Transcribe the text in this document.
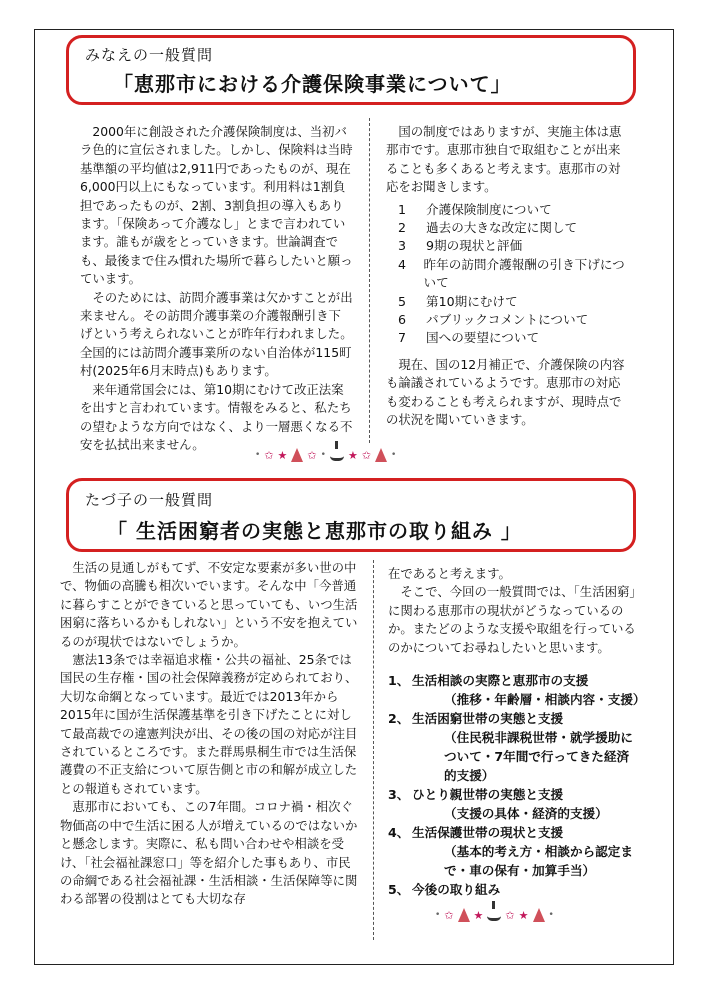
みなえの一般質問
「恵那市における介護保険事業について」

2000年に創設された介護保険制度は、当初バラ色的に宣伝されました。しかし、保険料は当時基準額の平均値は2,911円であったものが、現在6,000円以上にもなっています。利用料は1割負担であったものが、2割、3割負担の導入もあります。「保険あって介護なし」とまで言われています。誰もが歳をとっていきます。世論調査でも、最後まで住み慣れた場所で暮らしたいと願っています。

そのためには、訪問介護事業は欠かすことが出来ません。その訪問介護事業の介護報酬引き下げという考えられないことが昨年行われました。全国的には訪問介護事業所のない自治体が115町村(2025年6月末時点)もあります。

来年通常国会には、第10期にむけて改正法案を出すと言われています。情報をみると、私たちの望むような方向ではなく、より一層悪くなる不安を払拭出来ません。

国の制度ではありますが、実施主体は恵那市です。恵那市独自で取組むことが出来ることも多くあると考えます。恵那市の対応をお聞きします。

1	介護保険制度について
2	過去の大きな改定に関して
3	9期の現状と評価
4	昨年の訪問介護報酬の引き下げについて
5	第10期にむけて
6	パブリックコメントについて
7	国への要望について

現在、国の12月補正で、介護保険の内容も論議されているようです。恵那市の対応も変わることも考えられますが、現時点での状況を聞いていきます。

• ✩ ★ ✩ • ★ ✩ •
たづ子の一般質問
「 生活困窮者の実態と恵那市の取り組み 」

生活の見通しがもてず、不安定な要素が多い世の中で、物価の高騰も相次いでいます。そんな中「今普通に暮らすことができていると思っていても、いつ生活困窮に落ちいるかもしれない」という不安を抱えているのが現状ではないでしょうか。

憲法13条では幸福追求権・公共の福祉、25条では国民の生存権・国の社会保障義務が定められており、大切な命綱となっています。最近では2013年から2015年に国が生活保護基準を引き下げたことに対して最高裁での違憲判決が出、その後の国の対応が注目されているところです。また群馬県桐生市では生活保護費の不正支給について原告側と市の和解が成立したとの報道もされています。

恵那市においても、この7年間。コロナ禍・相次ぐ物価高の中で生活に困る人が増えているのではないかと懸念します。実際に、私も問い合わせや相談を受け、「社会福祉課窓口」等を紹介した事もあり、市民の命綱である社会福祉課・生活相談・生活保障等に関わる部署の役割はとても大切な存

在であると考えます。

そこで、今回の一般質問では、「生活困窮」に関わる恵那市の現状がどうなっているのか。またどのような支援や取組を行っているのかについてお尋ねしたいと思います。

1、 生活相談の実際と恵那市の支援
（推移・年齢層・相談内容・支援）
2、 生活困窮世帯の実態と支援
（住民税非課税世帯・就学援助について・7年間で行ってきた経済的支援）
3、 ひとり親世帯の実態と支援
（支援の具体・経済的支援）
4、 生活保護世帯の現状と支援
（基本的考え方・相談から認定まで・車の保有・加算手当）
5、 今後の取り組み
• ✩ ★ ✩ ★ •
